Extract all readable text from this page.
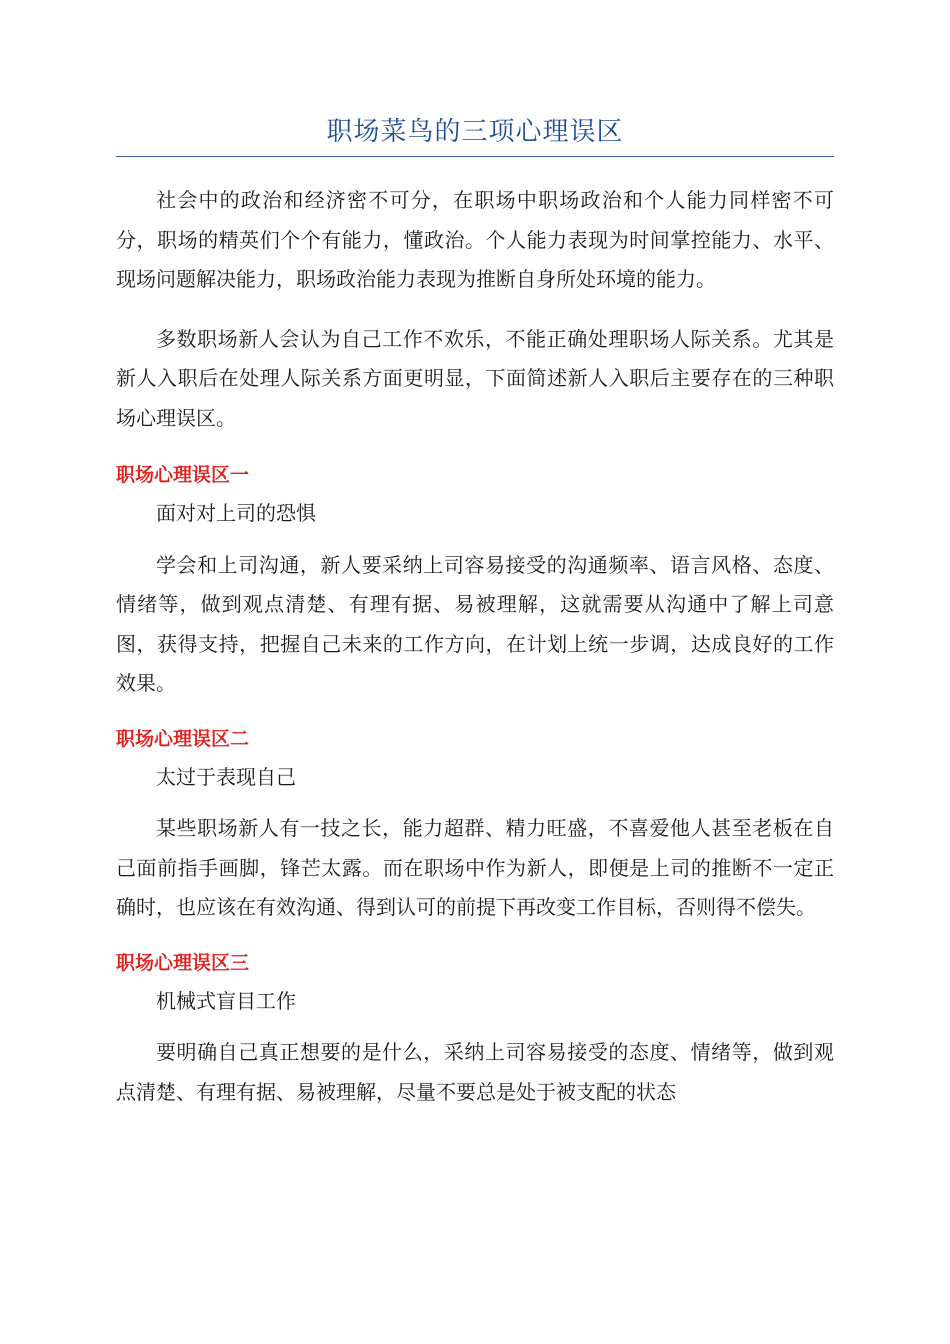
职场菜鸟的三项心理误区

社会中的政治和经济密不可分，在职场中职场政治和个人能力同样密不可分，职场的精英们个个有能力，懂政治。个人能力表现为时间掌控能力、水平、现场问题解决能力，职场政治能力表现为推断自身所处环境的能力。

多数职场新人会认为自己工作不欢乐，不能正确处理职场人际关系。尤其是新人入职后在处理人际关系方面更明显，下面简述新人入职后主要存在的三种职场心理误区。

职场心理误区一

面对对上司的恐惧

学会和上司沟通，新人要采纳上司容易接受的沟通频率、语言风格、态度、情绪等，做到观点清楚、有理有据、易被理解，这就需要从沟通中了解上司意图，获得支持，把握自己未来的工作方向，在计划上统一步调，达成良好的工作效果。

职场心理误区二

太过于表现自己

某些职场新人有一技之长，能力超群、精力旺盛，不喜爱他人甚至老板在自己面前指手画脚，锋芒太露。而在职场中作为新人，即便是上司的推断不一定正确时，也应该在有效沟通、得到认可的前提下再改变工作目标，否则得不偿失。

职场心理误区三

机械式盲目工作

要明确自己真正想要的是什么，采纳上司容易接受的态度、情绪等，做到观点清楚、有理有据、易被理解，尽量不要总是处于被支配的状态
